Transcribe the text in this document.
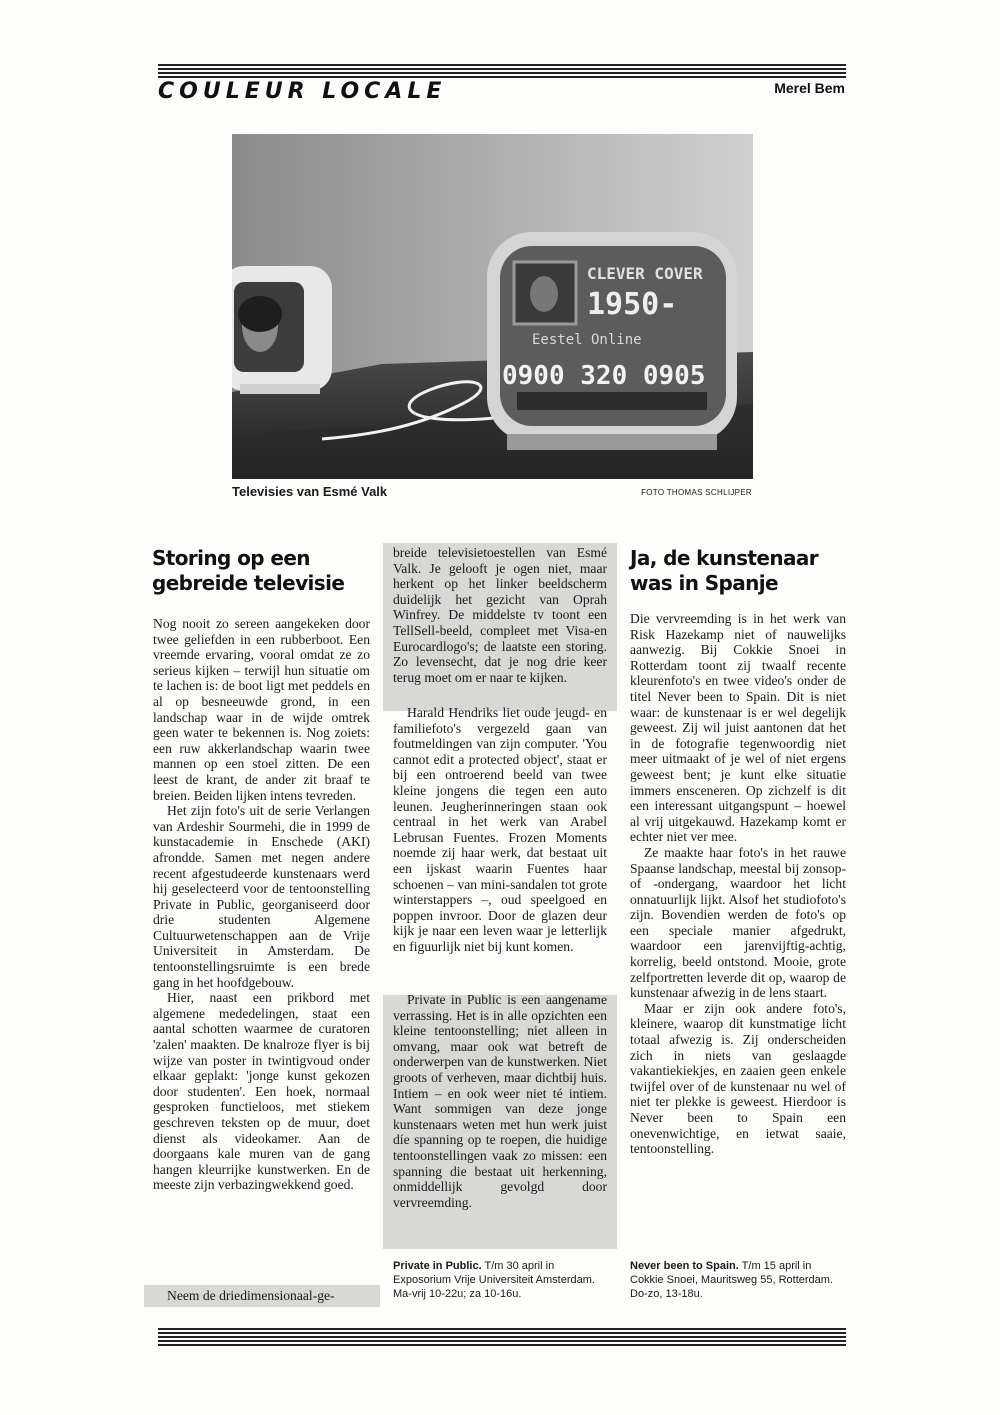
COULEUR LOCALE	Merel Bem
CLEVER COVER
1950-
Eestel Online
0900 320 0905
Televisies van Esmé Valk	FOTO THOMAS SCHLIJPER
Storing op een gebreide televisie

Nog nooit zo sereen aangekeken door twee geliefden in een rubberboot. Een vreemde ervaring, vooral omdat ze zo serieus kijken – terwijl hun situatie om te lachen is: de boot ligt met peddels en al op besneeuwde grond, in een landschap waar in de wijde omtrek geen water te bekennen is. Nog zoiets: een ruw akkerlandschap waarin twee mannen op een stoel zitten. De een leest de krant, de ander zit braaf te breien. Beiden lijken intens tevreden.

Het zijn foto's uit de serie Verlangen van Ardeshir Sourmehi, die in 1999 de kunstacademie in Enschede (AKI) afrondde. Samen met negen andere recent afgestudeerde kunstenaars werd hij geselecteerd voor de tentoonstelling Private in Public, georganiseerd door drie studenten Algemene Cultuurwetenschappen aan de Vrije Universiteit in Amsterdam. De tentoonstellingsruimte is een brede gang in het hoofdgebouw.

Hier, naast een prikbord met algemene mededelingen, staat een aantal schotten waarmee de curatoren 'zalen' maakten. De knalroze flyer is bij wijze van poster in twintigvoud onder elkaar geplakt: 'jonge kunst gekozen door studenten'. Een hoek, normaal gesproken functieloos, met stiekem geschreven teksten op de muur, doet dienst als videokamer. Aan de doorgaans kale muren van de gang hangen kleurrijke kunstwerken. En de meeste zijn verbazingwekkend goed.

Neem de driedimensionaal-ge-

breide televisietoestellen van Esmé Valk. Je gelooft je ogen niet, maar herkent op het linker beeldscherm duidelijk het gezicht van Oprah Winfrey. De middelste tv toont een TellSell-beeld, compleet met Visa-en Eurocardlogo's; de laatste een storing. Zo levensecht, dat je nog drie keer terug moet om er naar te kijken.

Harald Hendriks liet oude jeugd- en familiefoto's vergezeld gaan van foutmeldingen van zijn computer. 'You cannot edit a protected object', staat er bij een ontroerend beeld van twee kleine jongens die tegen een auto leunen. Jeugherinneringen staan ook centraal in het werk van Arabel Lebrusan Fuentes. Frozen Moments noemde zij haar werk, dat bestaat uit een ijskast waarin Fuentes haar schoenen – van mini-sandalen tot grote winterstappers –, oud speelgoed en poppen invroor. Door de glazen deur kijk je naar een leven waar je letterlijk en figuurlijk niet bij kunt komen.

Private in Public is een aangename verrassing. Het is in alle opzichten een kleine tentoonstelling; niet alleen in omvang, maar ook wat betreft de onderwerpen van de kunstwerken. Niet groots of verheven, maar dichtbij huis. Intiem – en ook weer niet té intiem. Want sommigen van deze jonge kunstenaars weten met hun werk juist díe spanning op te roepen, die huidige tentoonstellingen vaak zo missen: een spanning die bestaat uit herkenning, onmiddellijk gevolgd door vervreemding.

Private in Public. T/m 30 april in Exposorium Vrije Universiteit Amsterdam. Ma-vrij 10-22u; za 10-16u.
Ja, de kunstenaar was in Spanje

Die vervreemding is in het werk van Risk Hazekamp niet of nauwelijks aanwezig. Bij Cokkie Snoei in Rotterdam toont zij twaalf recente kleurenfoto's en twee video's onder de titel Never been to Spain. Dit is niet waar: de kunstenaar is er wel degelijk geweest. Zij wil juist aantonen dat het in de fotografie tegenwoordig niet meer uitmaakt of je wel of niet ergens geweest bent; je kunt elke situatie immers ensceneren. Op zichzelf is dit een interessant uitgangspunt – hoewel al vrij uitgekauwd. Hazekamp komt er echter niet ver mee.

Ze maakte haar foto's in het rauwe Spaanse landschap, meestal bij zonsop- of -ondergang, waardoor het licht onnatuurlijk lijkt. Alsof het studiofoto's zijn. Bovendien werden de foto's op een speciale manier afgedrukt, waardoor een jarenvijftig-achtig, korrelig, beeld ontstond. Mooie, grote zelfportretten leverde dit op, waarop de kunstenaar afwezig in de lens staart.

Maar er zijn ook andere foto's, kleinere, waarop dit kunstmatige licht totaal afwezig is. Zij onderscheiden zich in niets van geslaagde vakantiekiekjes, en zaaien geen enkele twijfel over of de kunstenaar nu wel of niet ter plekke is geweest. Hierdoor is Never been to Spain een onevenwichtige, en ietwat saaie, tentoonstelling.

Never been to Spain. T/m 15 april in Cokkie Snoei, Mauritsweg 55, Rotterdam. Do-zo, 13-18u.
